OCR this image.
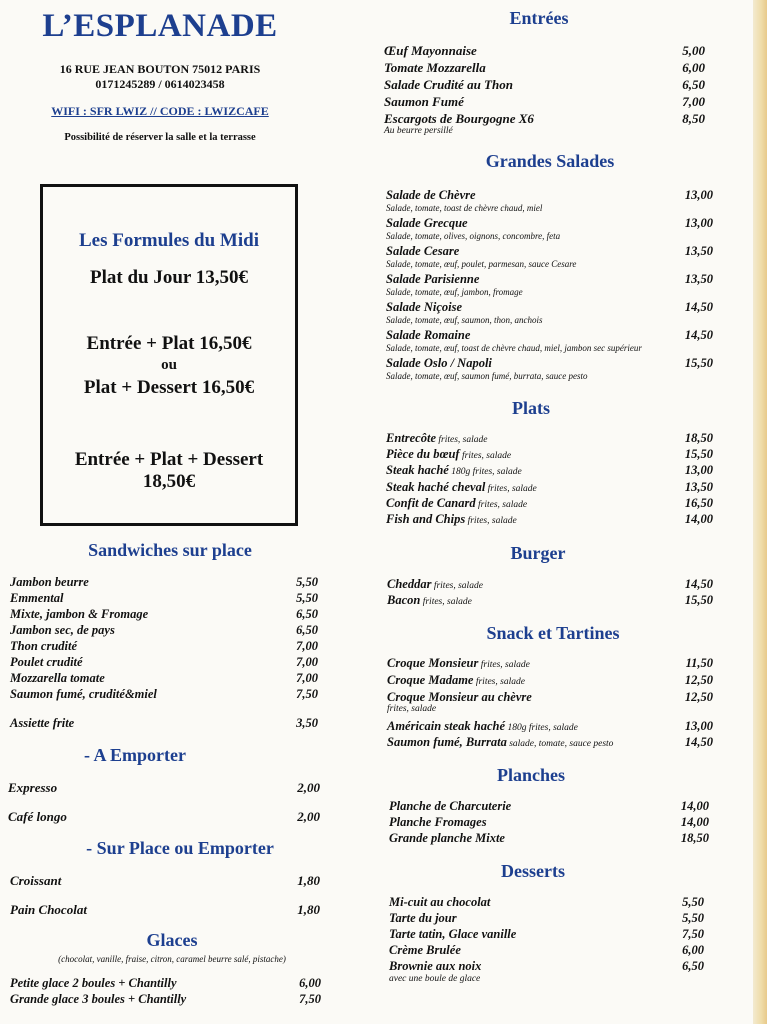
L’ESPLANADE
16 RUE JEAN BOUTON 75012 PARIS
0171245289 / 0614023458
WIFI : SFR LWIZ // CODE : LWIZCAFE
Possibilité de réserver la salle et la terrasse
Les Formules du Midi
Plat du Jour 13,50€
Entrée + Plat 16,50€
ou
Plat + Dessert 16,50€
Entrée + Plat + Dessert
18,50€
Sandwiches sur place
Jambon beurre	5,50
Emmental	5,50
Mixte, jambon & Fromage	6,50
Jambon sec, de pays	6,50
Thon crudité	7,00
Poulet crudité	7,00
Mozzarella tomate	7,00
Saumon fumé, crudité&miel	7,50
Assiette frite	3,50
- A Emporter
Expresso	2,00
Café longo	2,00
- Sur Place ou Emporter
Croissant	1,80
Pain Chocolat	1,80
Glaces
(chocolat, vanille, fraise, citron, caramel beurre salé, pistache)
Petite glace 2 boules + Chantilly	6,00
Grande glace 3 boules + Chantilly	7,50
Entrées
Œuf Mayonnaise	5,00
Tomate Mozzarella	6,00
Salade Crudité au Thon	6,50
Saumon Fumé	7,00
Escargots de Bourgogne X6	8,50
Au beurre persillé
Grandes Salades
Salade de Chèvre	13,00
Salade, tomate, toast de chèvre chaud, miel
Salade Grecque	13,00
Salade, tomate, olives, oignons, concombre, feta
Salade Cesare	13,50
Salade, tomate, œuf, poulet, parmesan, sauce Cesare
Salade Parisienne	13,50
Salade, tomate, œuf, jambon, fromage
Salade Niçoise	14,50
Salade, tomate, œuf, saumon, thon, anchois
Salade Romaine	14,50
Salade, tomate, œuf, toast de chèvre chaud, miel, jambon sec supérieur
Salade Oslo / Napoli	15,50
Salade, tomate, œuf, saumon fumé, burrata, sauce pesto
Plats
Entrecôte frites, salade	18,50
Pièce du bœuf frites, salade	15,50
Steak haché 180g frites, salade	13,00
Steak haché cheval frites, salade	13,50
Confit de Canard frites, salade	16,50
Fish and Chips frites, salade	14,00
Burger
Cheddar frites, salade	14,50
Bacon frites, salade	15,50
Snack et Tartines
Croque Monsieur frites, salade	11,50
Croque Madame frites, salade	12,50
Croque Monsieur au chèvre	12,50
frites, salade
Américain steak haché 180g frites, salade	13,00
Saumon fumé, Burrata salade, tomate, sauce pesto	14,50
Planches
Planche de Charcuterie	14,00
Planche Fromages	14,00
Grande planche Mixte	18,50
Desserts
Mi-cuit au chocolat	5,50
Tarte du jour	5,50
Tarte tatin, Glace vanille	7,50
Crème Brulée	6,00
Brownie aux noix	6,50
avec une boule de glace
